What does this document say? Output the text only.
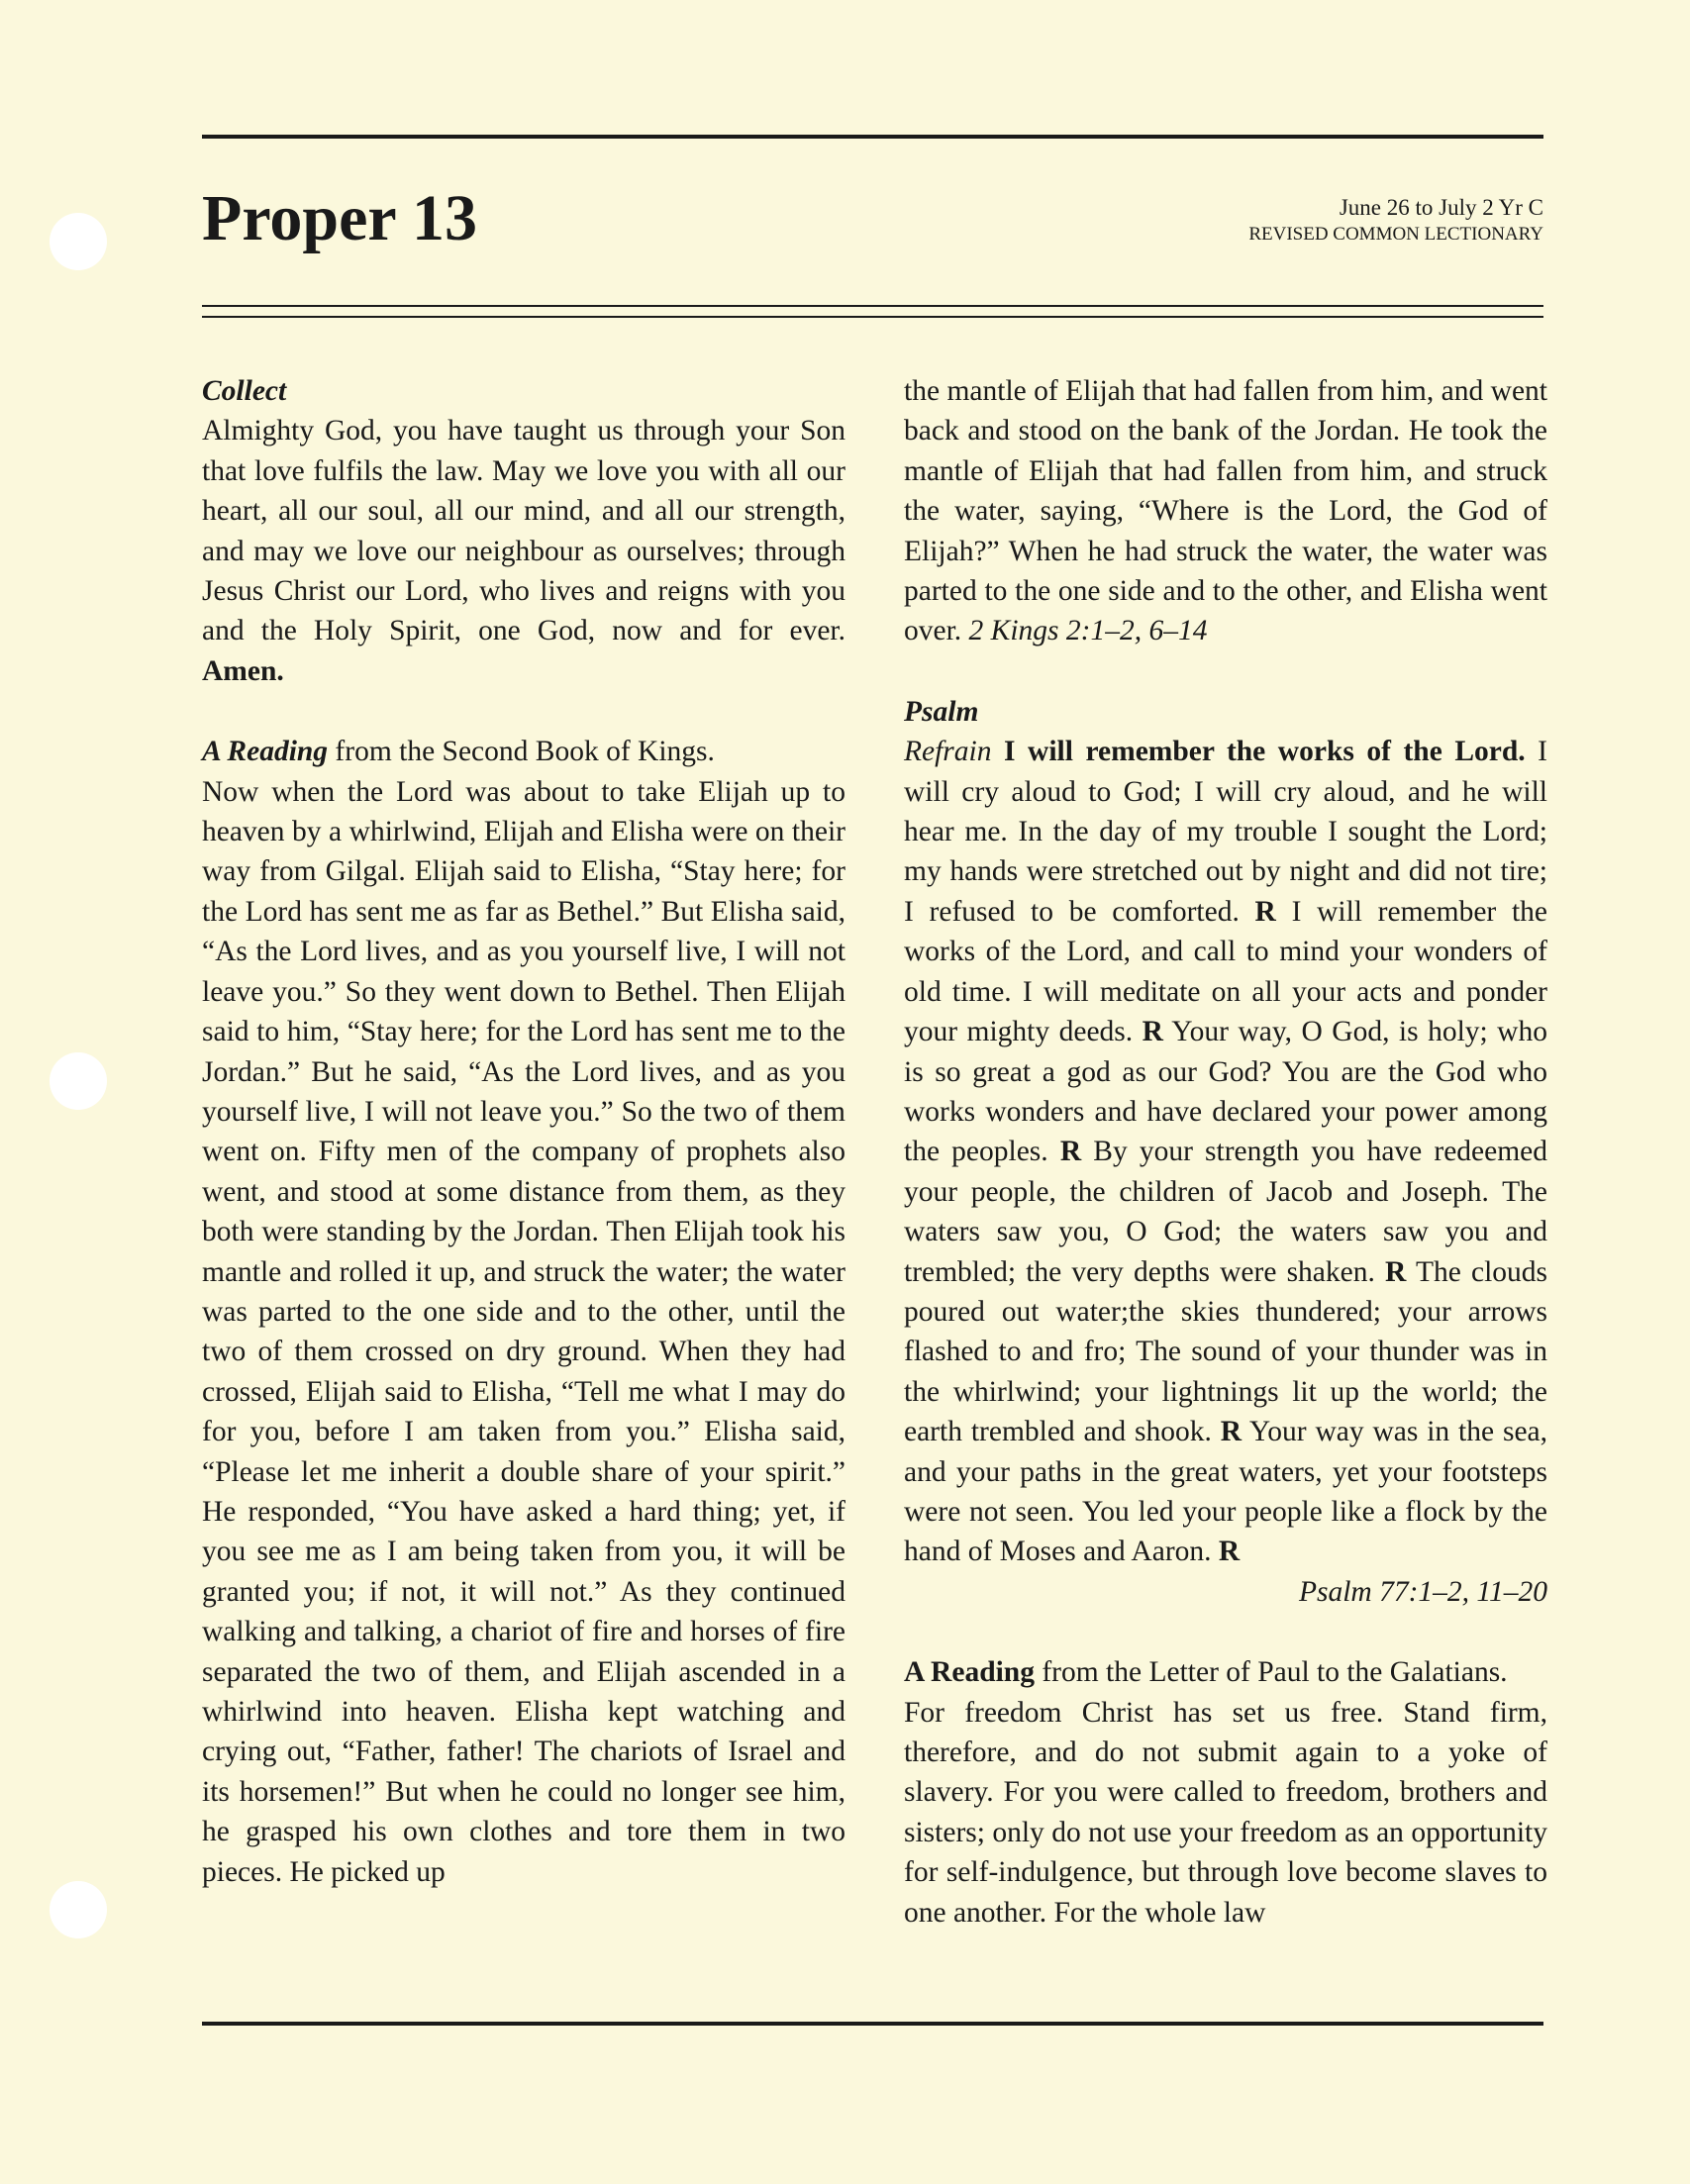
Proper 13	June 26 to July 2 Yr C
REVISED COMMON LECTIONARY
Collect

Almighty God, you have taught us through your Son that love fulfils the law. May we love you with all our heart, all our soul, all our mind, and all our strength, and may we love our neighbour as ourselves; through Jesus Christ our Lord, who lives and reigns with you and the Holy Spirit, one God, now and for ever. Amen.

A Reading from the Second Book of Kings.

Now when the Lord was about to take Elijah up to heaven by a whirlwind, Elijah and Elisha were on their way from Gilgal. Elijah said to Elisha, “Stay here; for the Lord has sent me as far as Bethel.” But Elisha said, “As the Lord lives, and as you yourself live, I will not leave you.” So they went down to Bethel. Then Elijah said to him, “Stay here; for the Lord has sent me to the Jordan.” But he said, “As the Lord lives, and as you yourself live, I will not leave you.” So the two of them went on. Fifty men of the company of prophets also went, and stood at some distance from them, as they both were standing by the Jordan. Then Elijah took his mantle and rolled it up, and struck the water; the water was parted to the one side and to the other, until the two of them crossed on dry ground. When they had crossed, Elijah said to Elisha, “Tell me what I may do for you, before I am taken from you.” Elisha said, “Please let me inherit a double share of your spirit.” He responded, “You have asked a hard thing; yet, if you see me as I am being taken from you, it will be granted you; if not, it will not.” As they continued walking and talking, a chariot of fire and horses of fire separated the two of them, and Elijah ascended in a whirlwind into heaven. Elisha kept watching and crying out, “Father, father! The chariots of Israel and its horsemen!” But when he could no longer see him, he grasped his own clothes and tore them in two pieces. He picked up

the mantle of Elijah that had fallen from him, and went back and stood on the bank of the Jordan. He took the mantle of Elijah that had fallen from him, and struck the water, saying, “Where is the Lord, the God of Elijah?” When he had struck the water, the water was parted to the one side and to the other, and Elisha went over. 2 Kings 2:1–2, 6–14

Psalm

Refrain I will remember the works of the Lord. I will cry aloud to God; I will cry aloud, and he will hear me. In the day of my trouble I sought the Lord; my hands were stretched out by night and did not tire; I refused to be comforted. R I will remember the works of the Lord, and call to mind your wonders of old time. I will meditate on all your acts and ponder your mighty deeds. R Your way, O God, is holy; who is so great a god as our God? You are the God who works wonders and have declared your power among the peoples. R By your strength you have redeemed your people, the children of Jacob and Joseph. The waters saw you, O God; the waters saw you and trembled; the very depths were shaken. R The clouds poured out water;the skies thundered; your arrows flashed to and fro; The sound of your thunder was in the whirlwind; your lightnings lit up the world; the earth trembled and shook. R Your way was in the sea, and your paths in the great waters, yet your footsteps were not seen. You led your people like a flock by the hand of Moses and Aaron. R

Psalm 77:1–2, 11–20

A Reading from the Letter of Paul to the Galatians.

For freedom Christ has set us free. Stand firm, therefore, and do not submit again to a yoke of slavery. For you were called to freedom, brothers and sisters; only do not use your freedom as an opportunity for self-indulgence, but through love become slaves to one another. For the whole law
